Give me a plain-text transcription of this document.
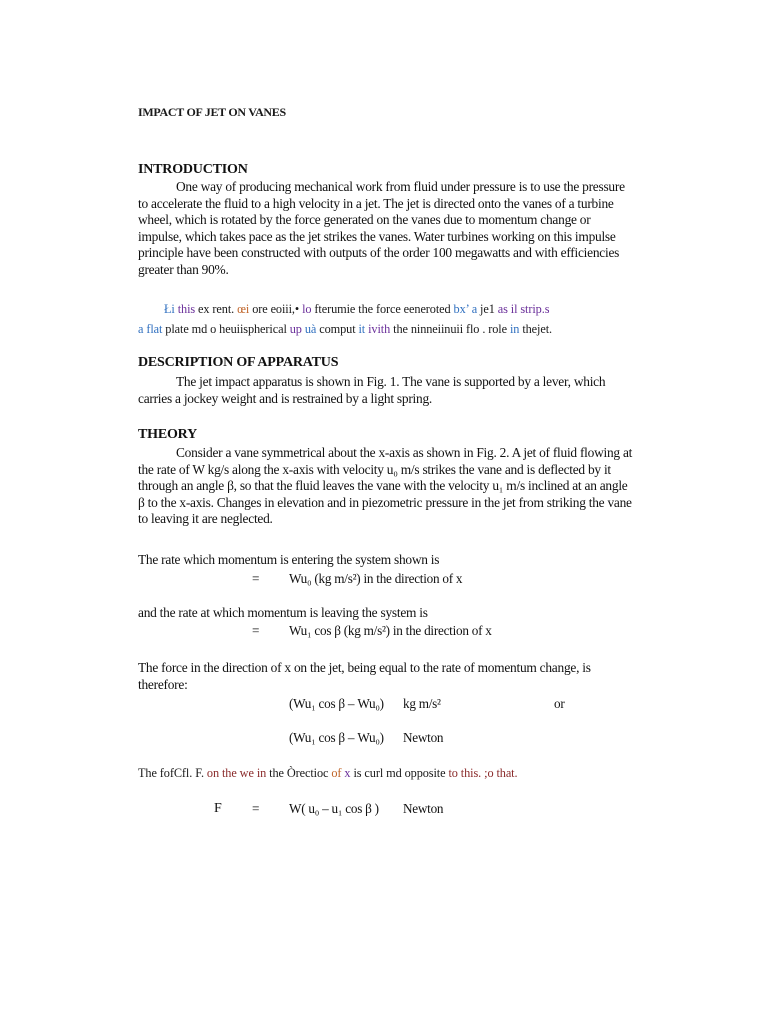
IMPACT OF JET ON VANES
INTRODUCTION
One way of producing mechanical work from fluid under pressure is to use the pressure
to accelerate the fluid to a high velocity in a jet. The jet is directed onto the vanes of a turbine
wheel, which is rotated by the force generated on the vanes due to momentum change or
impulse, which takes pace as the jet strikes the vanes. Water turbines working on this impulse
principle have been constructed with outputs of the order 100 megawatts and with efficiencies
greater than 90%.
Łi this ex rent. œi ore eoiii,• lo fterumie the force eeneroted bx’ a je1 as il strip.s
a flat plate md o heuiispherical up uà comput it ivith the ninneiinuii flo . role in thejet.
DESCRIPTION OF APPARATUS
The jet impact apparatus is shown in Fig. 1. The vane is supported by a lever, which
carries a jockey weight and is restrained by a light spring.
THEORY
Consider a vane symmetrical about the x-axis as shown in Fig. 2. A jet of fluid flowing at
the rate of W kg/s along the x-axis with velocity u₀ m/s strikes the vane and is deflected by it
through an angle β, so that the fluid leaves the vane with the velocity u₁ m/s inclined at an angle
β to the x-axis. Changes in elevation and in piezometric pressure in the jet from striking the vane
to leaving it are neglected.
The rate which momentum is entering the system shown is
= Wu₀ (kg m/s²) in the direction of x
and the rate at which momentum is leaving the system is
= Wu₁ cos β (kg m/s²) in the direction of x
The force in the direction of x on the jet, being equal to the rate of momentum change, is
therefore:
(Wu₁ cos β – Wu₀) kg m/s²	or
(Wu₁ cos β – Wu₀) Newton
The fofCfl. F. on the we in the Òrectioc of x is curl md opposite to this. ;o that.
F = W( u₀ – u₁ cos β ) Newton
